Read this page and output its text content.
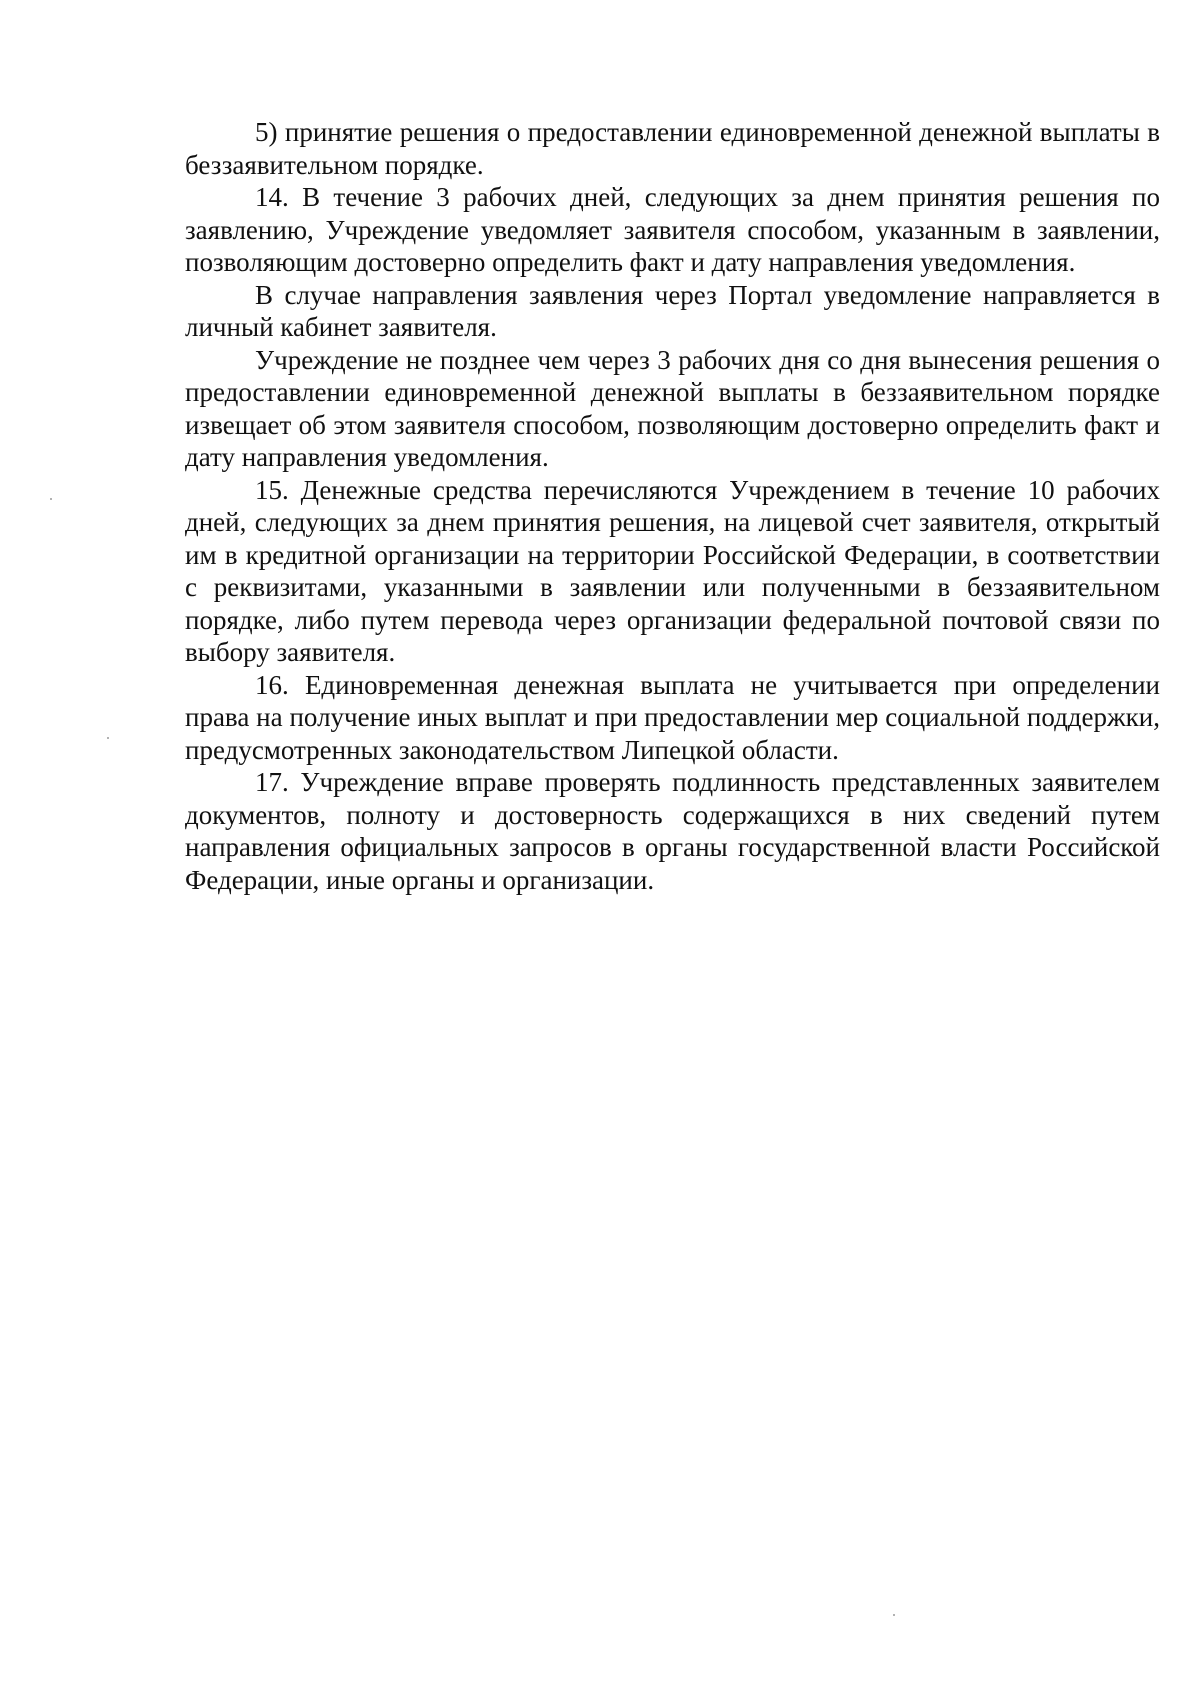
5) принятие решения о предоставлении единовременной денежной выплаты в беззаявительном порядке.

14. В течение 3 рабочих дней, следующих за днем принятия решения по заявлению, Учреждение уведомляет заявителя способом, указанным в заявлении, позволяющим достоверно определить факт и дату направления уведомления.

В случае направления заявления через Портал уведомление направляется в личный кабинет заявителя.

Учреждение не позднее чем через 3 рабочих дня со дня вынесения решения о предоставлении единовременной денежной выплаты в беззаявительном порядке извещает об этом заявителя способом, позволяющим достоверно определить факт и дату направления уведомления.

15. Денежные средства перечисляются Учреждением в течение 10 рабочих дней, следующих за днем принятия решения, на лицевой счет заявителя, открытый им в кредитной организации на территории Российской Федерации, в соответствии с реквизитами, указанными в заявлении или полученными в беззаявительном порядке, либо путем перевода через организации федеральной почтовой связи по выбору заявителя.

16. Единовременная денежная выплата не учитывается при определении права на получение иных выплат и при предоставлении мер социальной поддержки, предусмотренных законодательством Липецкой области.

17. Учреждение вправе проверять подлинность представленных заявителем документов, полноту и достоверность содержащихся в них сведений путем направления официальных запросов в органы государственной власти Российской Федерации, иные органы и организации.
